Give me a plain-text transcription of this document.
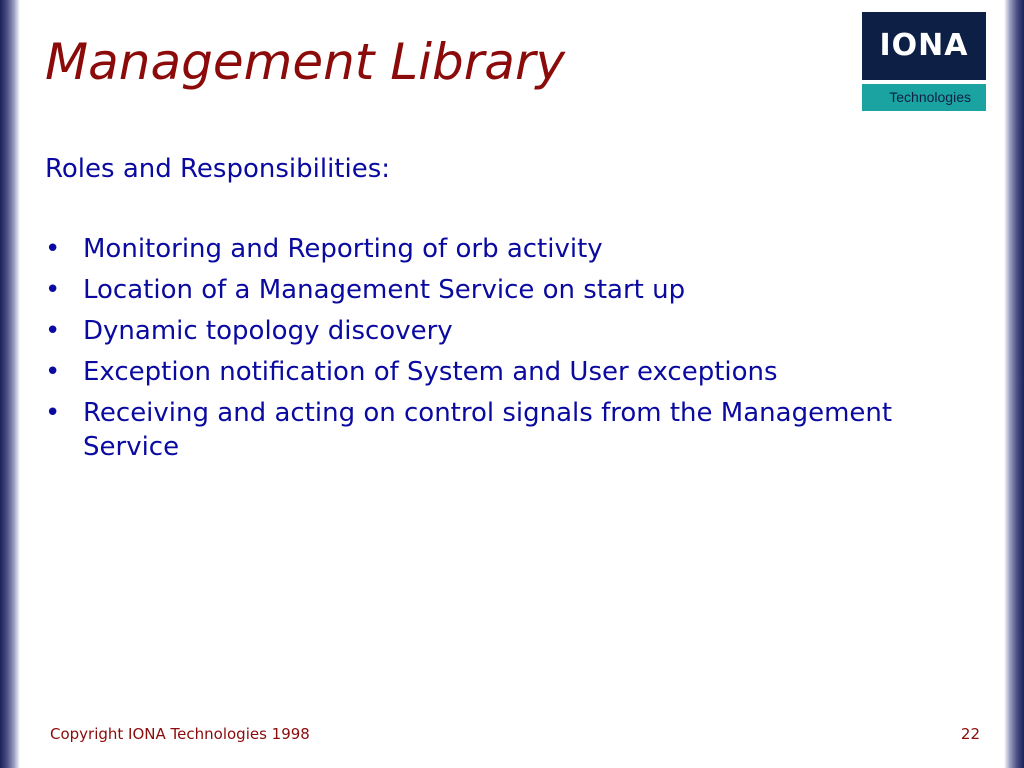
Management Library	IONA
Technologies

Roles and Responsibilities:

• Monitoring and Reporting of orb activity
• Location of a Management Service on start up
• Dynamic topology discovery
• Exception notification of System and User exceptions
• Receiving and acting on control signals from the Management Service
Copyright IONA Technologies 1998	22
